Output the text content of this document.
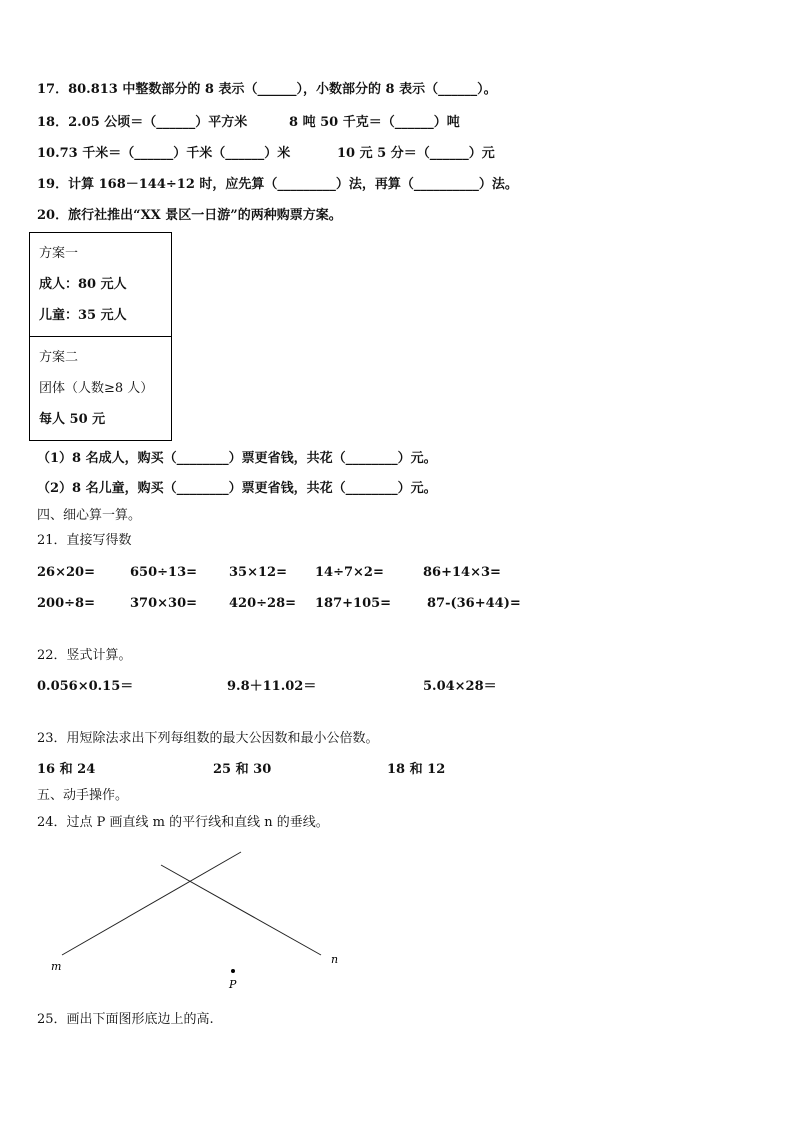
17．80.813 中整数部分的 8 表示（______），小数部分的 8 表示（______）。
18．2.05 公顷＝（______）平方米	8 吨 50 千克＝（______）吨
10.73 千米＝（______）千米（______）米	10 元 5 分＝（______）元
19．计算 168－144÷12 时，应先算（_________）法，再算（__________）法。
20．旅行社推出“XX 景区一日游”的两种购票方案。
方案一
成人：80 元人
儿童：35 元人
方案二
团体（人数≥8 人）
每人 50 元
（1）8 名成人，购买（________）票更省钱，共花（________）元。
（2）8 名儿童，购买（________）票更省钱，共花（________）元。
四、细心算一算。
21．直接写得数
26×20=	650÷13= 35×12= 14÷7×2=	86+14×3=
200÷8=	370×30= 420÷28= 187+105=	87-(36+44)=
22．竖式计算。
0.056×0.15＝	9.8＋11.02＝	5.04×28＝
23．用短除法求出下列每组数的最大公因数和最小公倍数。
16 和 24	25 和 30	18 和 12
五、动手操作。
24．过点 P 画直线 m 的平行线和直线 n 的垂线。
m
n
P
25．画出下面图形底边上的高.
